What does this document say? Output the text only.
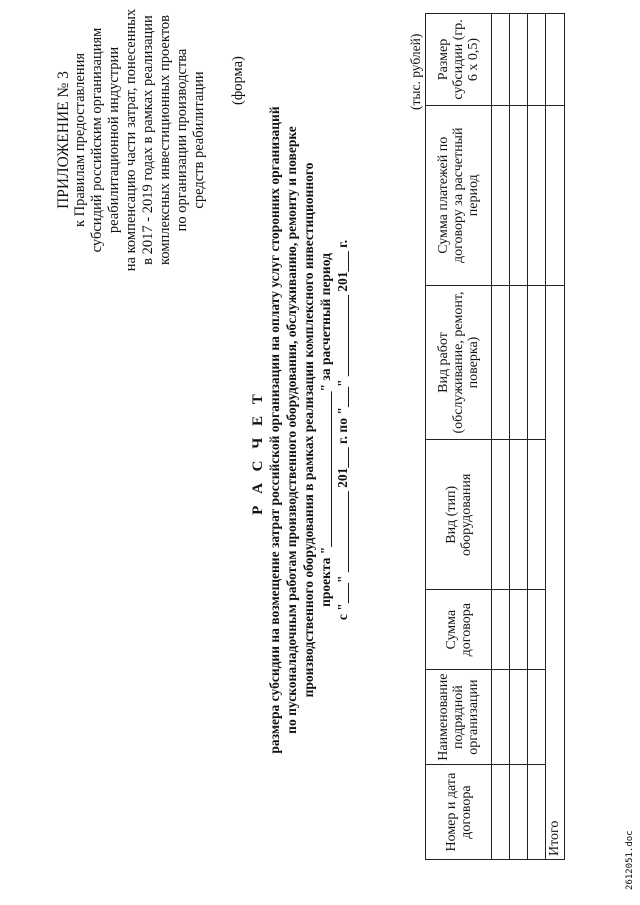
ПРИЛОЖЕНИЕ № 3 к Правилам предоставления субсидий российским организациям реабилитационной индустрии на компенсацию части затрат, понесенных в 2017 - 2019 годах в рамках реализации комплексных инвестиционных проектов по организации производства средств реабилитации (форма)
Р А С Ч Е Т размера субсидии на возмещение затрат российской организации на оплату услуг сторонних организаций по пусконаладочным работам производственного оборудования, обслуживанию, ремонту и поверке производственного оборудования в рамках реализации комплексного инвестиционного проекта "_______________________" за расчетный период с "___" ____________ 201___ г. по "___" ____________ 201___ г.
(тыс. рублей)
Номер и дата договора	Наименование подрядной организации	Сумма договора	Вид (тип) оборудования	Вид работ (обслуживание, ремонт, поверка)	Сумма платежей по договору за расчетный период	Размер субсидии (гр. 6 x 0,5)

Итого							2612051.doc
